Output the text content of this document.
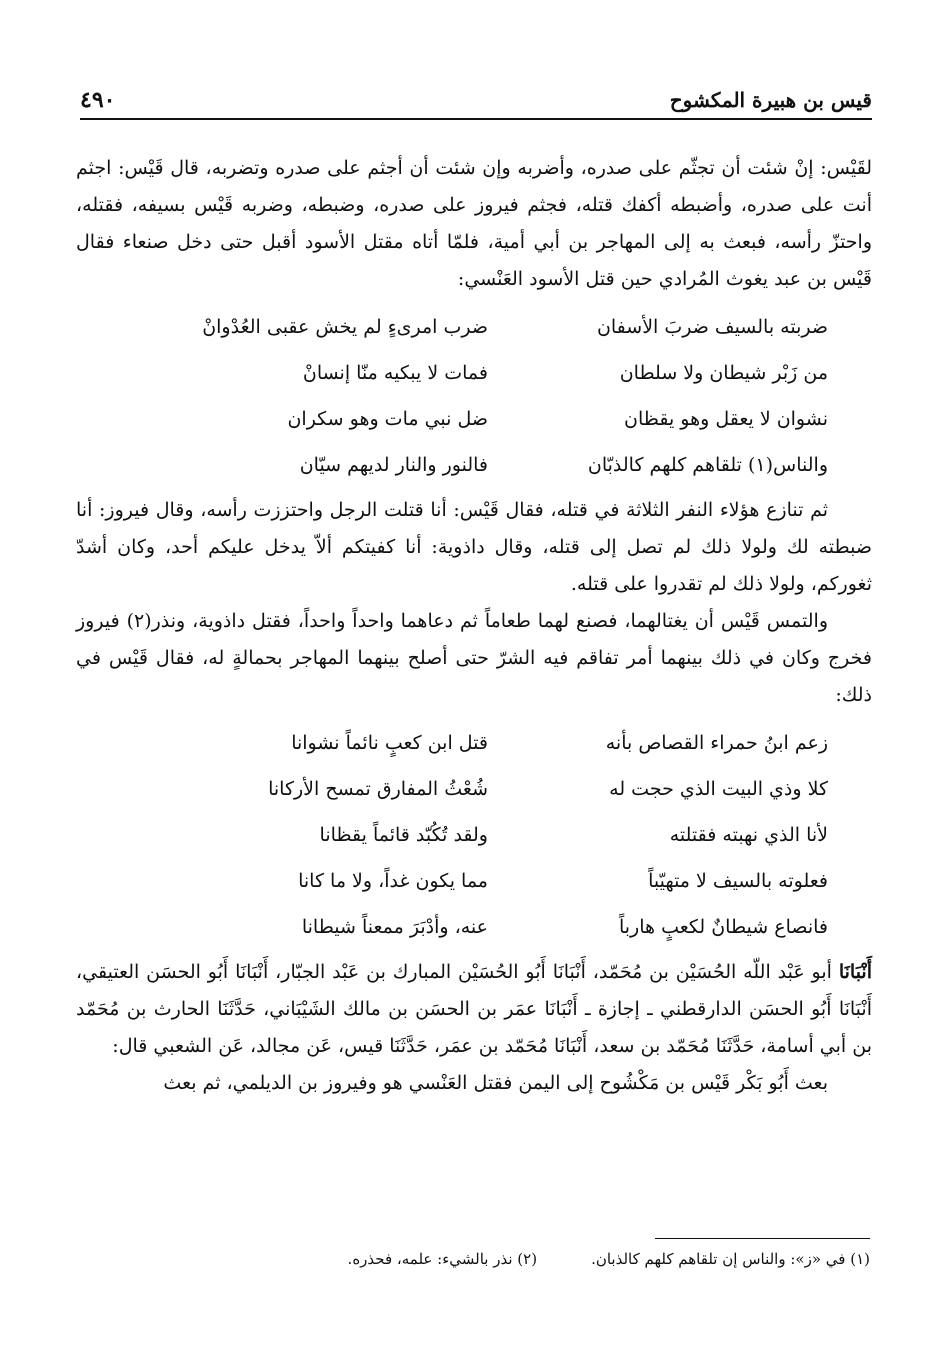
قيس بن هبيرة المكشوح
٤٩٠

لقَيْس: إنْ شئت أن تجثّم على صدره، وأضربه وإن شئت أن أجثم على صدره وتضربه، قال قَيْس: اجثم أنت على صدره، وأضبطه أكفك قتله، فجثم فيروز على صدره، وضبطه، وضربه قَيْس بسيفه، فقتله، واحتزّ رأسه، فبعث به إلى المهاجر بن أبي أمية، فلمّا أتاه مقتل الأسود أقبل حتى دخل صنعاء فقال قَيْس بن عبد يغوث المُرادي حين قتل الأسود العَنْسي:

ضربته بالسيف ضربَ الأسفان
ضرب امرىءٍ لم يخش عقبى العُدْوانْ
من زَبْر شيطان ولا سلطان
فمات لا يبكيه منّا إنسانْ
نشوان لا يعقل وهو يقظان
ضل نبي مات وهو سكران
والناس(١) تلقاهم كلهم كالذبّان
فالنور والنار لديهم سيّان

ثم تنازع هؤلاء النفر الثلاثة في قتله، فقال قَيْس: أنا قتلت الرجل واحتززت رأسه، وقال فيروز: أنا ضبطته لك ولولا ذلك لم تصل إلى قتله، وقال داذوية: أنا كفيتكم ألاّ يدخل عليكم أحد، وكان أشدّ ثغوركم، ولولا ذلك لم تقدروا على قتله.

والتمس قَيْس أن يغتالهما، فصنع لهما طعاماً ثم دعاهما واحداً واحداً، فقتل داذوية، ونذر(٢) فيروز فخرج وكان في ذلك بينهما أمر تفاقم فيه الشرّ حتى أصلح بينهما المهاجر بحمالةٍ له، فقال قَيْس في ذلك:

زعم ابنُ حمراء القصاص بأنه
قتل ابن كعبٍ نائماً نشوانا
كلا وذي البيت الذي حجت له
شُعْثُ المفارق تمسح الأركانا
لأنا الذي نهبته فقتلته
ولقد تُكُبّد قائماً يقظانا
فعلوته بالسيف لا متهيّباً
مما يكون غداً، ولا ما كانا
فانصاع شيطانٌ لكعبٍ هارباً
عنه، وأدْبَرَ ممعناً شيطانا

أَنْبَانَا أبو عَبْد اللّه الحُسَيْن بن مُحَمّد، أَنْبَانَا أَبُو الحُسَيْن المبارك بن عَبْد الجبّار، أَنْبَانَا أَبُو الحسَن العتيقي، أَنْبَانَا أَبُو الحسَن الدارقطني ـ إجازة ـ أَنْبَانَا عمَر بن الحسَن بن مالك الشَيْبَاني، حَدَّثَنَا الحارث بن مُحَمّد بن أبي أسامة، حَدَّثَنَا مُحَمّد بن سعد، أَنْبَانَا مُحَمّد بن عمَر، حَدَّثَنَا قيس، عَن مجالد، عَن الشعبي قال:

بعث أَبُو بَكْر قَيْس بن مَكْشُوح إلى اليمن فقتل العَنْسي هو وفيروز بن الديلمي، ثم بعث

(١) في «ز»: والناس إن تلقاهم كلهم كالذبان.
(٢) نذر بالشيء: علمه، فحذره.
